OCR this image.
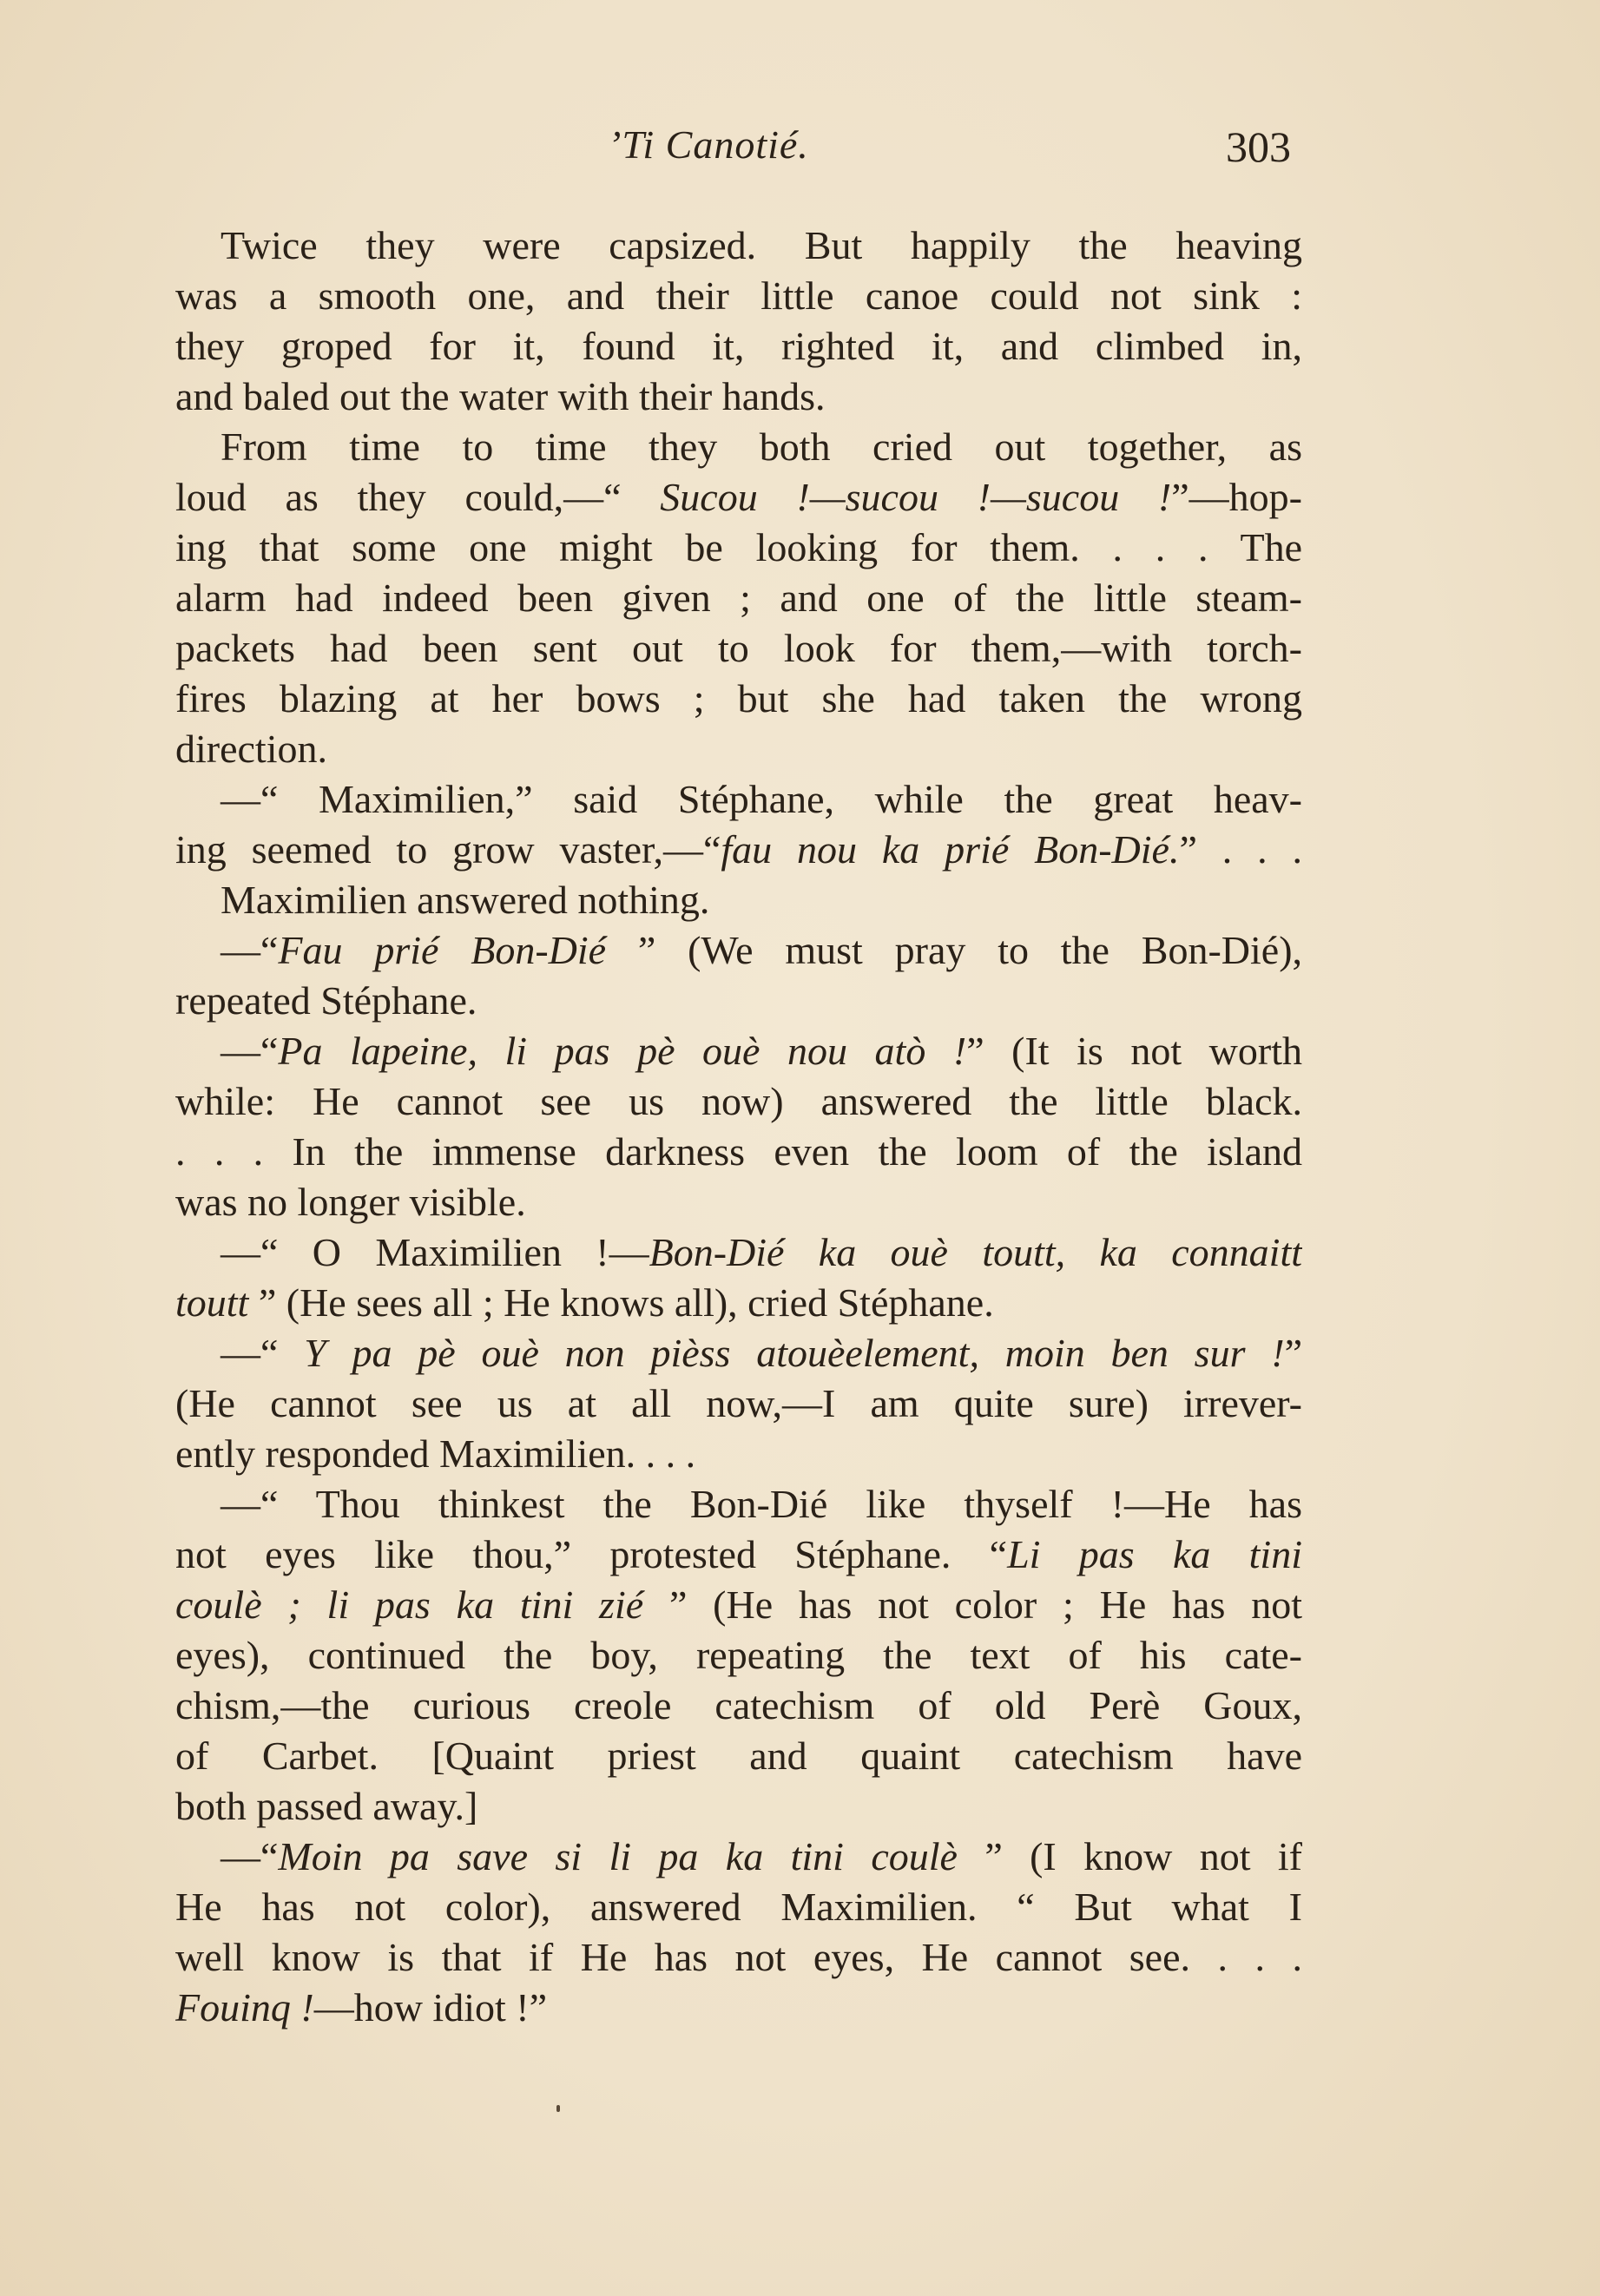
’Ti Canotié.	303
Twice they were capsized. But happily the heaving
was a smooth one, and their little canoe could not sink :
they groped for it, found it, righted it, and climbed in,
and baled out the water with their hands.
From time to time they both cried out together, as
loud as they could,—“ Sucou !—sucou !—sucou !”—hop-
ing that some one might be looking for them. . . . The
alarm had indeed been given ; and one of the little steam-
packets had been sent out to look for them,—with torch-
fires blazing at her bows ; but she had taken the wrong
direction.
—“ Maximilien,” said Stéphane, while the great heav-
ing seemed to grow vaster,—“fau nou ka prié Bon-Dié.” . . .
Maximilien answered nothing.
—“Fau prié Bon-Dié ” (We must pray to the Bon-Dié),
repeated Stéphane.
—“Pa lapeine, li pas pè ouè nou atò !” (It is not worth
while: He cannot see us now) answered the little black.
. . . In the immense darkness even the loom of the island
was no longer visible.
—“ O Maximilien !—Bon-Dié ka ouè toutt, ka connaitt
toutt ” (He sees all ; He knows all), cried Stéphane.
—“ Y pa pè ouè non pièss atouèelement, moin ben sur !”
(He cannot see us at all now,—I am quite sure) irrever-
ently responded Maximilien. . . .
—“ Thou thinkest the Bon-Dié like thyself !—He has
not eyes like thou,” protested Stéphane. “Li pas ka tini
coulè ; li pas ka tini zié ” (He has not color ; He has not
eyes), continued the boy, repeating the text of his cate-
chism,—the curious creole catechism of old Perè Goux,
of Carbet. [Quaint priest and quaint catechism have
both passed away.]
—“Moin pa save si li pa ka tini coulè ” (I know not if
He has not color), answered Maximilien. “ But what I
well know is that if He has not eyes, He cannot see. . . .
Fouinq !—how idiot !”
